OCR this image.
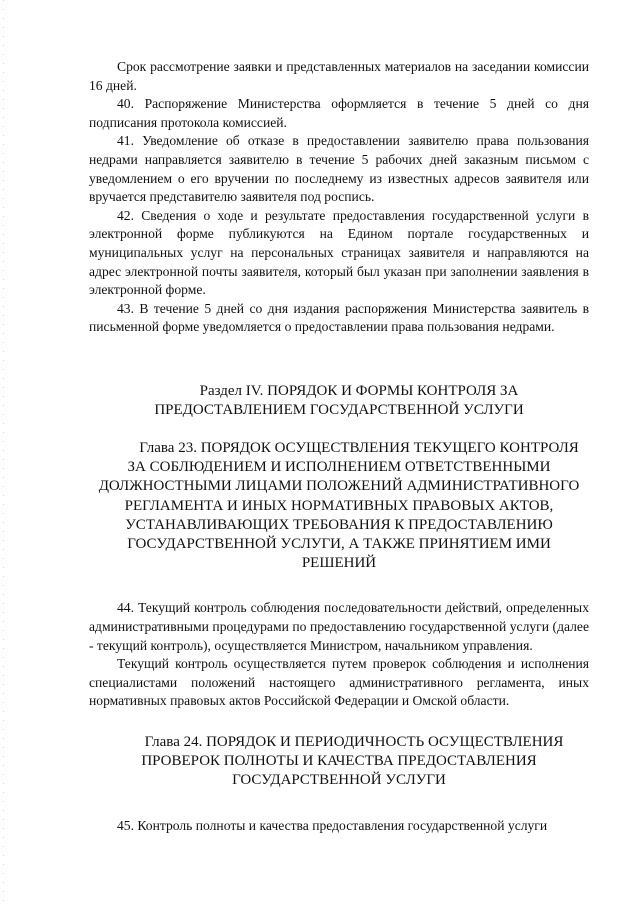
Срок рассмотрение заявки и представленных материалов на заседании комиссии 16 дней.

40. Распоряжение Министерства оформляется в течение 5 дней со дня подписания протокола комиссией.

41. Уведомление об отказе в предоставлении заявителю права пользования недрами направляется заявителю в течение 5 рабочих дней заказным письмом с уведомлением о его вручении по последнему из известных адресов заявителя или вручается представителю заявителя под роспись.

42. Сведения о ходе и результате предоставления государственной услуги в электронной форме публикуются на Едином портале государственных и муниципальных услуг на персональных страницах заявителя и направляются на адрес электронной почты заявителя, который был указан при заполнении заявления в электронной форме.

43. В течение 5 дней со дня издания распоряжения Министерства заявитель в письменной форме уведомляется о предоставлении права пользования недрами.

Раздел IV. ПОРЯДОК И ФОРМЫ КОНТРОЛЯ ЗА

ПРЕДОСТАВЛЕНИЕМ ГОСУДАРСТВЕННОЙ УСЛУГИ

Глава 23. ПОРЯДОК ОСУЩЕСТВЛЕНИЯ ТЕКУЩЕГО КОНТРОЛЯ

ЗА СОБЛЮДЕНИЕМ И ИСПОЛНЕНИЕМ ОТВЕТСТВЕННЫМИ

ДОЛЖНОСТНЫМИ ЛИЦАМИ ПОЛОЖЕНИЙ АДМИНИСТРАТИВНОГО

РЕГЛАМЕНТА И ИНЫХ НОРМАТИВНЫХ ПРАВОВЫХ АКТОВ,

УСТАНАВЛИВАЮЩИХ ТРЕБОВАНИЯ К ПРЕДОСТАВЛЕНИЮ

ГОСУДАРСТВЕННОЙ УСЛУГИ, А ТАКЖЕ ПРИНЯТИЕМ ИМИ

РЕШЕНИЙ

44. Текущий контроль соблюдения последовательности действий, определенных административными процедурами по предоставлению государственной услуги (далее - текущий контроль), осуществляется Министром, начальником управления.

Текущий контроль осуществляется путем проверок соблюдения и исполнения специалистами положений настоящего административного регламента, иных нормативных правовых актов Российской Федерации и Омской области.

Глава 24. ПОРЯДОК И ПЕРИОДИЧНОСТЬ ОСУЩЕСТВЛЕНИЯ

ПРОВЕРОК ПОЛНОТЫ И КАЧЕСТВА ПРЕДОСТАВЛЕНИЯ

ГОСУДАРСТВЕННОЙ УСЛУГИ

45. Контроль полноты и качества предоставления государственной услуги
